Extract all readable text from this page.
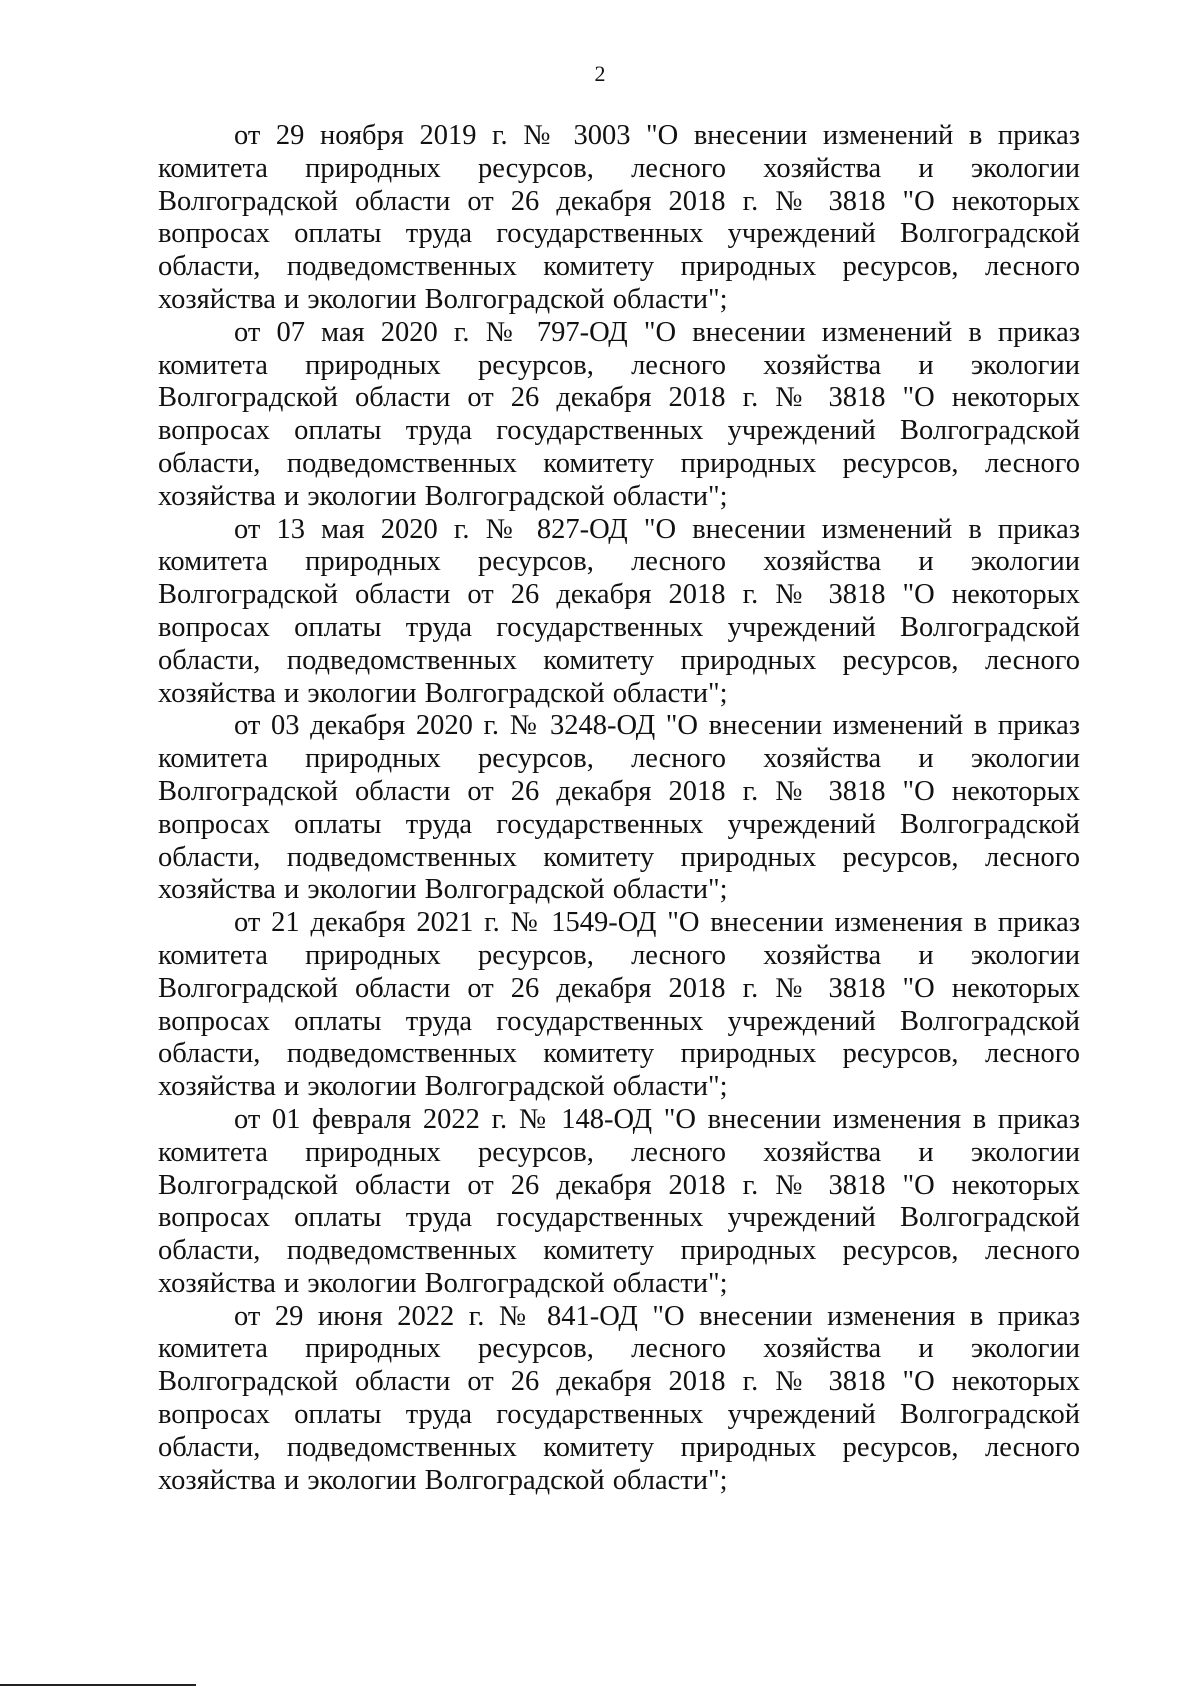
2

от 29 ноября 2019 г. № 3003 "О внесении изменений в приказ комитета природных ресурсов, лесного хозяйства и экологии Волгоградской области от 26 декабря 2018 г. № 3818 "О некоторых вопросах оплаты труда государственных учреждений Волгоградской области, подведомственных комитету природных ресурсов, лесного хозяйства и экологии Волгоградской области";

от 07 мая 2020 г. № 797-ОД "О внесении изменений в приказ комитета природных ресурсов, лесного хозяйства и экологии Волгоградской области от 26 декабря 2018 г. № 3818 "О некоторых вопросах оплаты труда государственных учреждений Волгоградской области, подведомственных комитету природных ресурсов, лесного хозяйства и экологии Волгоградской области";

от 13 мая 2020 г. № 827-ОД "О внесении изменений в приказ комитета природных ресурсов, лесного хозяйства и экологии Волгоградской области от 26 декабря 2018 г. № 3818 "О некоторых вопросах оплаты труда государственных учреждений Волгоградской области, подведомственных комитету природных ресурсов, лесного хозяйства и экологии Волгоградской области";

от 03 декабря 2020 г. № 3248-ОД "О внесении изменений в приказ комитета природных ресурсов, лесного хозяйства и экологии Волгоградской области от 26 декабря 2018 г. № 3818 "О некоторых вопросах оплаты труда государственных учреждений Волгоградской области, подведомственных комитету природных ресурсов, лесного хозяйства и экологии Волгоградской области";

от 21 декабря 2021 г. № 1549-ОД "О внесении изменения в приказ комитета природных ресурсов, лесного хозяйства и экологии Волгоградской области от 26 декабря 2018 г. № 3818 "О некоторых вопросах оплаты труда государственных учреждений Волгоградской области, подведомственных комитету природных ресурсов, лесного хозяйства и экологии Волгоградской области";

от 01 февраля 2022 г. № 148-ОД "О внесении изменения в приказ комитета природных ресурсов, лесного хозяйства и экологии Волгоградской области от 26 декабря 2018 г. № 3818 "О некоторых вопросах оплаты труда государственных учреждений Волгоградской области, подведомственных комитету природных ресурсов, лесного хозяйства и экологии Волгоградской области";

от 29 июня 2022 г. № 841-ОД "О внесении изменения в приказ комитета природных ресурсов, лесного хозяйства и экологии Волгоградской области от 26 декабря 2018 г. № 3818 "О некоторых вопросах оплаты труда государственных учреждений Волгоградской области, подведомственных комитету природных ресурсов, лесного хозяйства и экологии Волгоградской области";
